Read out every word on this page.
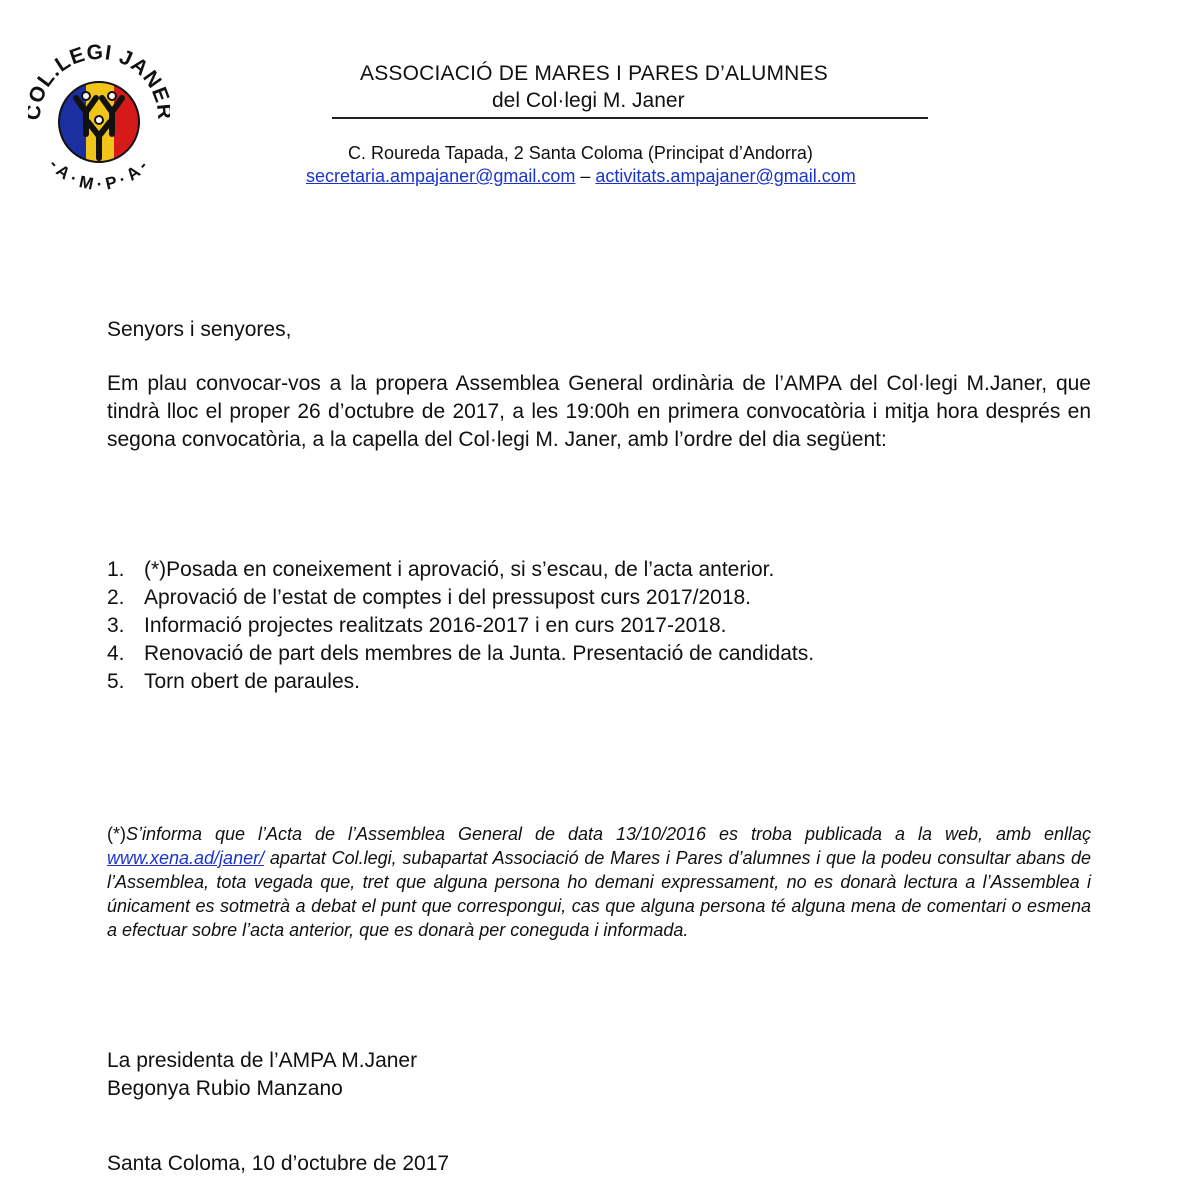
L.LEGI JAN
-A·M·P·A-
ASSOCIACIÓ DE MARES I PARES D’ALUMNES
del Col·legi M. Janer
C. Roureda Tapada, 2 Santa Coloma (Principat d’Andorra)
secretaria.ampajaner@gmail.com – activitats.ampajaner@gmail.com
Senyors i senyores,
Em plau convocar-vos a la propera Assemblea General ordinària de l’AMPA del Col·legi M.Janer, que tindrà lloc el proper 26 d’octubre de 2017, a les 19:00h en primera convocatòria i mitja hora després en segona convocatòria, a la capella del Col·legi M. Janer, amb l’ordre del dia següent:
1. (*)Posada en coneixement i aprovació, si s’escau, de l’acta anterior.
2. Aprovació de l’estat de comptes i del pressupost curs 2017/2018.
3. Informació projectes realitzats 2016-2017 i en curs 2017-2018.
4. Renovació de part dels membres de la Junta. Presentació de candidats.
5. Torn obert de paraules.
(*)S’informa que l’Acta de l’Assemblea General de data 13/10/2016 es troba publicada a la web, amb enllaç www.xena.ad/janer/ apartat Col.legi, subapartat Associació de Mares i Pares d’alumnes i que la podeu consultar abans de l’Assemblea, tota vegada que, tret que alguna persona ho demani expressament, no es donarà lectura a l’Assemblea i únicament es sotmetrà a debat el punt que correspongui, cas que alguna persona té alguna mena de comentari o esmena a efectuar sobre l’acta anterior, que es donarà per coneguda i informada.
La presidenta de l’AMPA M.Janer
Begonya Rubio Manzano
Santa Coloma, 10 d’octubre de 2017
